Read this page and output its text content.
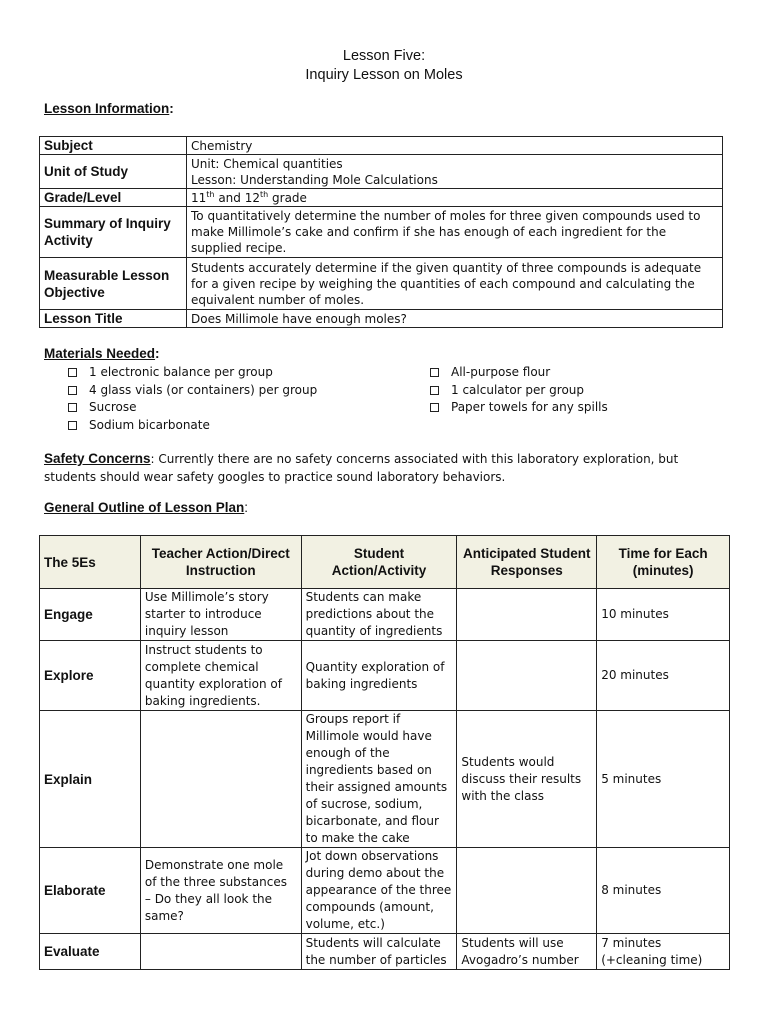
Lesson Five:
Inquiry Lesson on Moles
Lesson Information:
Subject	Chemistry
Unit of Study	Unit: Chemical quantities
Lesson: Understanding Mole Calculations

Grade/Level	11th and 12th grade
Summary of Inquiry Activity	To quantitatively determine the number of moles for three given compounds used to make Millimole’s cake and confirm if she has enough of each ingredient for the supplied recipe.
Measurable Lesson Objective	Students accurately determine if the given quantity of three compounds is adequate for a given recipe by weighing the quantities of each compound and calculating the equivalent number of moles.
Lesson Title	Does Millimole have enough moles?
Materials Needed:
1 electronic balance per group
4 glass vials (or containers) per group
Sucrose
Sodium bicarbonate
All-purpose flour
1 calculator per group
Paper towels for any spills
Safety Concerns: Currently there are no safety concerns associated with this laboratory exploration, but students should wear safety googles to practice sound laboratory behaviors.
General Outline of Lesson Plan:
The 5Es	Teacher Action/Direct Instruction	Student Action/Activity	Anticipated Student Responses	Time for Each (minutes)
Engage	Use Millimole’s story starter to introduce inquiry lesson	Students can make predictions about the quantity of ingredients		10 minutes
Explore	Instruct students to complete chemical quantity exploration of baking ingredients.	Quantity exploration of baking ingredients		20 minutes
Explain		Groups report if Millimole would have enough of the ingredients based on their assigned amounts of sucrose, sodium, bicarbonate, and flour to make the cake	Students would discuss their results with the class	5 minutes
Elaborate	Demonstrate one mole of the three substances – Do they all look the same?	Jot down observations during demo about the appearance of the three compounds (amount, volume, etc.)		8 minutes
Evaluate		Students will calculate the number of particles	Students will use Avogadro’s number	7 minutes (+cleaning time)
